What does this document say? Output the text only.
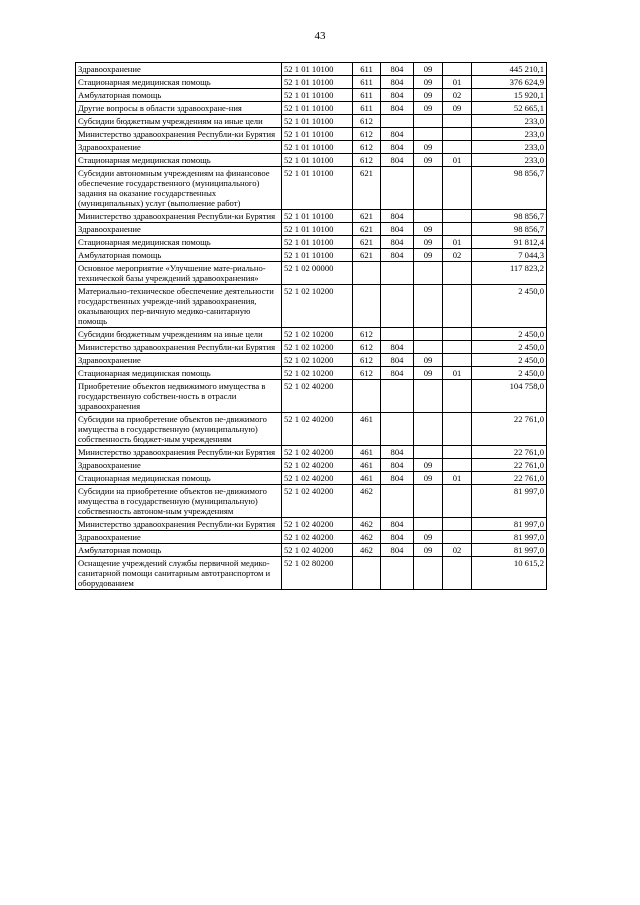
43
Здравоохранение	52 1 01 10100	611	804	09		445 210,1
Стационарная медицинская помощь	52 1 01 10100	611	804	09	01	376 624,9
Амбулаторная помощь	52 1 01 10100	611	804	09	02	15 920,1
Другие вопросы в области здравоохране-ния	52 1 01 10100	611	804	09	09	52 665,1
Субсидии бюджетным учреждениям на иные цели	52 1 01 10100	612				233,0
Министерство здравоохранения Республи-ки Бурятия	52 1 01 10100	612	804			233,0
Здравоохранение	52 1 01 10100	612	804	09		233,0
Стационарная медицинская помощь	52 1 01 10100	612	804	09	01	233,0
Субсидии автономным учреждениям на финансовое обеспечение государственного (муниципального) задания на оказание государственных (муниципальных) услуг (выполнение работ)	52 1 01 10100	621				98 856,7
Министерство здравоохранения Республи-ки Бурятия	52 1 01 10100	621	804			98 856,7
Здравоохранение	52 1 01 10100	621	804	09		98 856,7
Стационарная медицинская помощь	52 1 01 10100	621	804	09	01	91 812,4
Амбулаторная помощь	52 1 01 10100	621	804	09	02	7 044,3
Основное мероприятие «Улучшение мате-риально-технической базы учреждений здравоохранения»	52 1 02 00000					117 823,2
Материально-техническое обеспечение деятельности государственных учрежде-ний здравоохранения, оказывающих пер-вичную медико-санитарную помощь	52 1 02 10200					2 450,0
Субсидии бюджетным учреждениям на иные цели	52 1 02 10200	612				2 450,0
Министерство здравоохранения Республи-ки Бурятия	52 1 02 10200	612	804			2 450,0
Здравоохранение	52 1 02 10200	612	804	09		2 450,0
Стационарная медицинская помощь	52 1 02 10200	612	804	09	01	2 450,0
Приобретение объектов недвижимого имущества в государственную собствен-ность в отрасли здравоохранения	52 1 02 40200					104 758,0
Субсидии на приобретение объектов не-движимого имущества в государственную (муниципальную) собственность бюджет-ным учреждениям	52 1 02 40200	461				22 761,0
Министерство здравоохранения Республи-ки Бурятия	52 1 02 40200	461	804			22 761,0
Здравоохранение	52 1 02 40200	461	804	09		22 761,0
Стационарная медицинская помощь	52 1 02 40200	461	804	09	01	22 761,0
Субсидии на приобретение объектов не-движимого имущества в государственную (муниципальную) собственность автоном-ным учреждениям	52 1 02 40200	462				81 997,0
Министерство здравоохранения Республи-ки Бурятия	52 1 02 40200	462	804			81 997,0
Здравоохранение	52 1 02 40200	462	804	09		81 997,0
Амбулаторная помощь	52 1 02 40200	462	804	09	02	81 997,0
Оснащение учреждений службы первичной медико-санитарной помощи санитарным автотранспортом и оборудованием	52 1 02 80200					10 615,2
